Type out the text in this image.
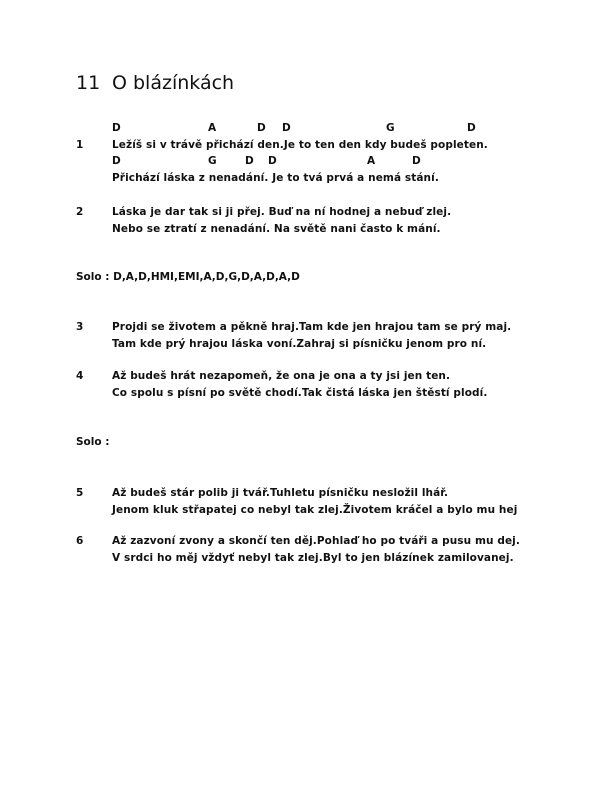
11 O blázínkách
D	A	D D	G	D
1	Ležíš si v trávě přichází den.Je to ten den kdy budeš popleten.
D	G	D D	A	D
Přichází láska z nenadání. Je to tvá prvá a nemá stání.
2	Láska je dar tak si ji přej. Buď na ní hodnej a nebuď zlej.
Nebo se ztratí z nenadání. Na světě nani často k mání.
Solo : D,A,D,HMI,EMI,A,D,G,D,A,D,A,D
3	Projdi se životem a pěkně hraj.Tam kde jen hrajou tam se prý maj.
Tam kde prý hrajou láska voní.Zahraj si písničku jenom pro ní.
4	Až budeš hrát nezapomeň, že ona je ona a ty jsi jen ten.
Co spolu s písní po světě chodí.Tak čistá láska jen štěstí plodí.
Solo :
5	Až budeš stár polib ji tvář.Tuhletu písničku nesložil lhář.
Jenom kluk střapatej co nebyl tak zlej.Životem kráčel a bylo mu hej
6	Až zazvoní zvony a skončí ten děj.Pohlaď ho po tváři a pusu mu dej.
V srdci ho měj vždyť nebyl tak zlej.Byl to jen blázínek zamilovanej.
